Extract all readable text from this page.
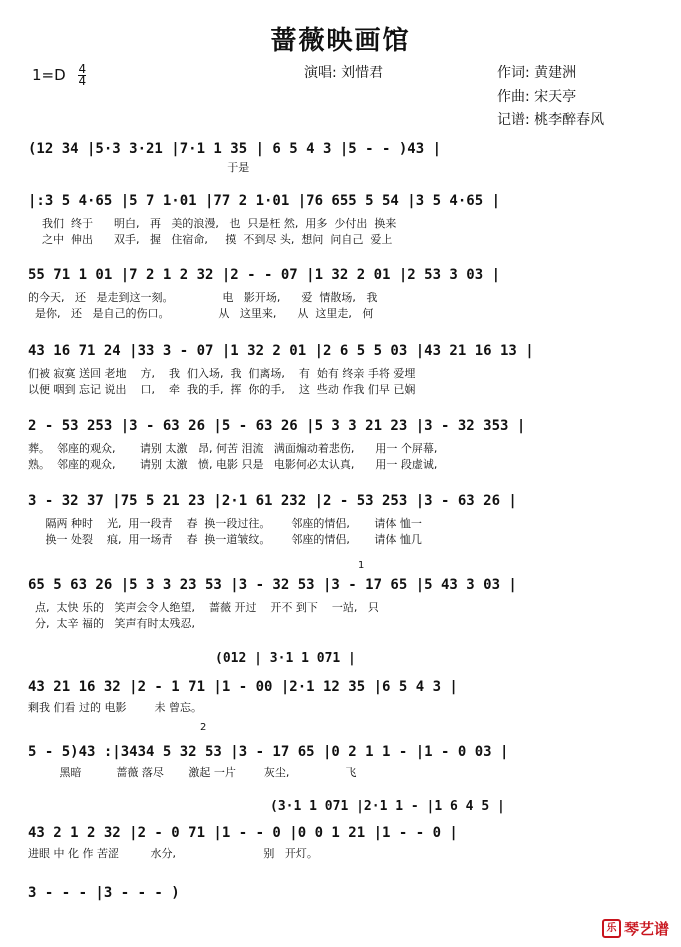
蔷薇映画馆
$1=D \frac{4}{4}$	演唱: 刘惜君	作词: 黄建洲
作曲: 宋天亭
记谱: 桃李醉春风
(12 34 |5·3 3·21 |7·1 1 35 | 6 5 4 3 |5 - - )43 |
于是
|:3 5 4·65 |5 7 1·01 |77 2 1·01 |76 655 5 54 |3 5 4·65 |
我们  终于      明白,   再   美的浪漫,   也  只是枉 然,  用多  少付出  换来
之中  伸出      双手,   握   住宿命,     摸  不到尽 头,  想问  问自己  爱上
55 71 1 01 |7 2 1 2 32 |2 - - 07 |1 32 2 01 |2 53 3 03 |
的今天,   还   是走到这一刻。              电   影开场,      爱  情散场,   我
是你,   还   是自己的伤口。              从   这里来,      从  这里走,   何
43 16 71 24 |33 3 - 07 |1 32 2 01 |2 6 5 5 03 |43 21 16 13 |
们被 寂寞 送回 老地    方,    我  们入场,  我  们离场,    有  始有 终亲 手将 爱埋
以便 咽到 忘记 说出    口,    牵  我的手,  挥  你的手,    这  些动 作我 们早 已娴
2 - 53 253 |3 - 63 26 |5 - 63 26 |5 3 3 21 23 |3 - 32 353 |
葬。  邻座的观众,       请别 太激   昂, 何苦 泪流   满面煽动着悲伤,      用一 个屏幕,
熟。  邻座的观众,       请别 太激   愤, 电影 只是   电影何必太认真,      用一 段虚诚,
3 - 32 37 |75 5 21 23 |2·1 61 232 |2 - 53 253 |3 - 63 26 |
隔两 种时    光,  用一段青    春  换一段过往。      邻座的情侣,       请体 恤一
换一 处裂    痕,  用一场青    春  换一道皱纹。      邻座的情侣,       请体 恤几
1
65 5 63 26 |5 3 3 23 53 |3 - 32 53 |3 - 17 65 |5 43 3 03 |
点,  太快 乐的   笑声会令人绝望,    蔷薇 开过    开不 到下    一站,   只
分,  太辛 福的   笑声有时太残忍,
(012 | 3·1 1 071 |
43 21 16 32 |2 - 1 71 |1 - 00 |2·1 12 35 |6 5 4 3 |
剩我 们看 过的 电影        未 曾忘。
2
5 - 5)43 :|3434 5 32 53 |3 - 17 65 |0 2 1 1 - |1 - 0 03 |
黑暗          蔷薇 落尽       激起 一片        灰尘,                飞
(3·1 1 071 |2·1 1 - |1 6 4 5 |
43 2 1 2 32 |2 - 0 71 |1 - - 0 |0 0 1 21 |1 - - 0 |
进眼 中 化 作 苦涩         水分,                         别   开灯。
3 - - - |3 - - - )
乐 琴艺谱
